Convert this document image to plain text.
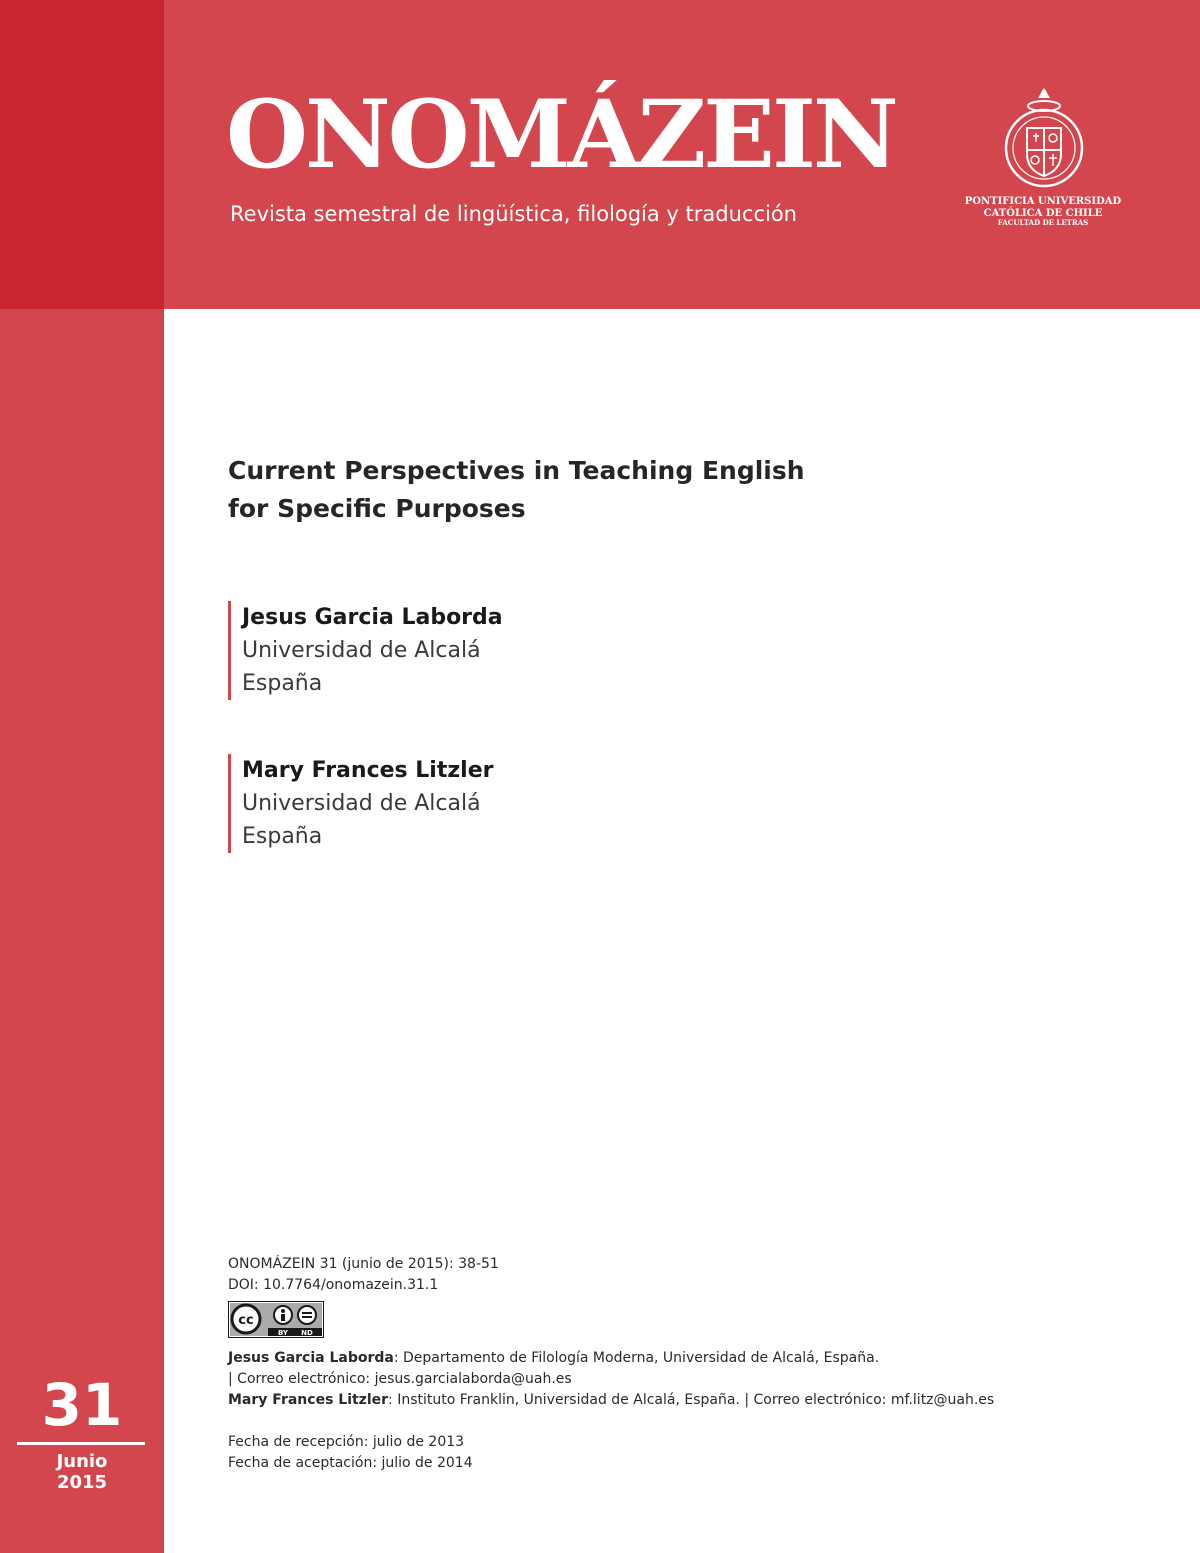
ONOMÁZEIN
Revista semestral de lingüística, filología y traducción
PONTIFICIA UNIVERSIDAD
CATÓLICA DE CHILE
FACULTAD DE LETRAS
Current Perspectives in Teaching English
for Specific Purposes
Jesus Garcia Laborda
Universidad de Alcalá
España
Mary Frances Litzler
Universidad de Alcalá
España
ONOMÁZEIN 31 (junio de 2015): 38-51
DOI: 10.7764/onomazein.31.1
cc
BY ND
Jesus Garcia Laborda: Departamento de Filología Moderna, Universidad de Alcalá, España.
| Correo electrónico: jesus.garcialaborda@uah.es
Mary Frances Litzler: Instituto Franklin, Universidad de Alcalá, España. | Correo electrónico: mf.litz@uah.es
Fecha de recepción: julio de 2013
Fecha de aceptación: julio de 2014
31
Junio
2015
